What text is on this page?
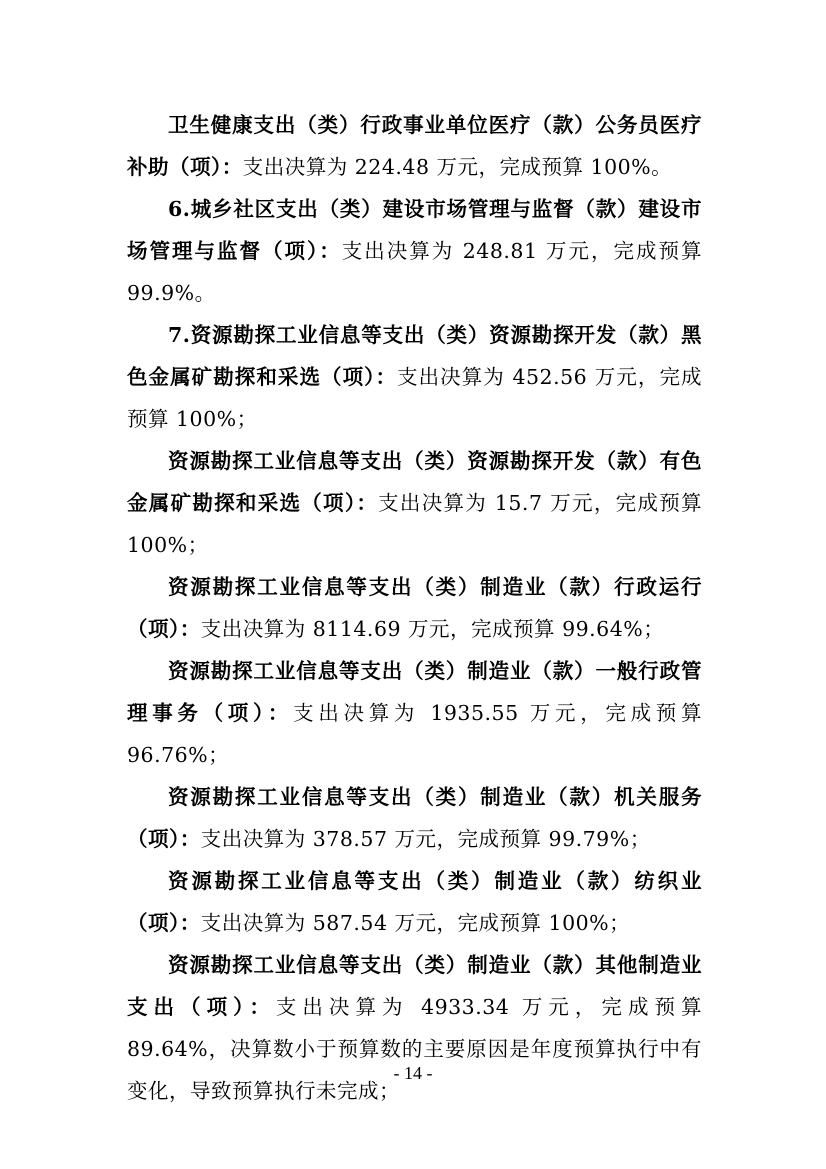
卫生健康支出（类）行政事业单位医疗（款）公务员医疗补助（项）：支出决算为 224.48 万元，完成预算 100%。

6.城乡社区支出（类）建设市场管理与监督（款）建设市场管理与监督（项）：支出决算为 248.81 万元，完成预算 99.9%。

7.资源勘探工业信息等支出（类）资源勘探开发（款）黑色金属矿勘探和采选（项）：支出决算为 452.56 万元，完成预算 100%；

资源勘探工业信息等支出（类）资源勘探开发（款）有色金属矿勘探和采选（项）：支出决算为 15.7 万元，完成预算 100%；

资源勘探工业信息等支出（类）制造业（款）行政运行（项）：支出决算为 8114.69 万元，完成预算 99.64%；

资源勘探工业信息等支出（类）制造业（款）一般行政管理事务（项）：支出决算为 1935.55 万元，完成预算 96.76%；

资源勘探工业信息等支出（类）制造业（款）机关服务（项）：支出决算为 378.57 万元，完成预算 99.79%；

资源勘探工业信息等支出（类）制造业（款）纺织业（项）：支出决算为 587.54 万元，完成预算 100%；

资源勘探工业信息等支出（类）制造业（款）其他制造业支出（项）：支出决算为 4933.34 万元，完成预算 89.64%，决算数小于预算数的主要原因是年度预算执行中有变化，导致预算执行未完成；

- 14 -
